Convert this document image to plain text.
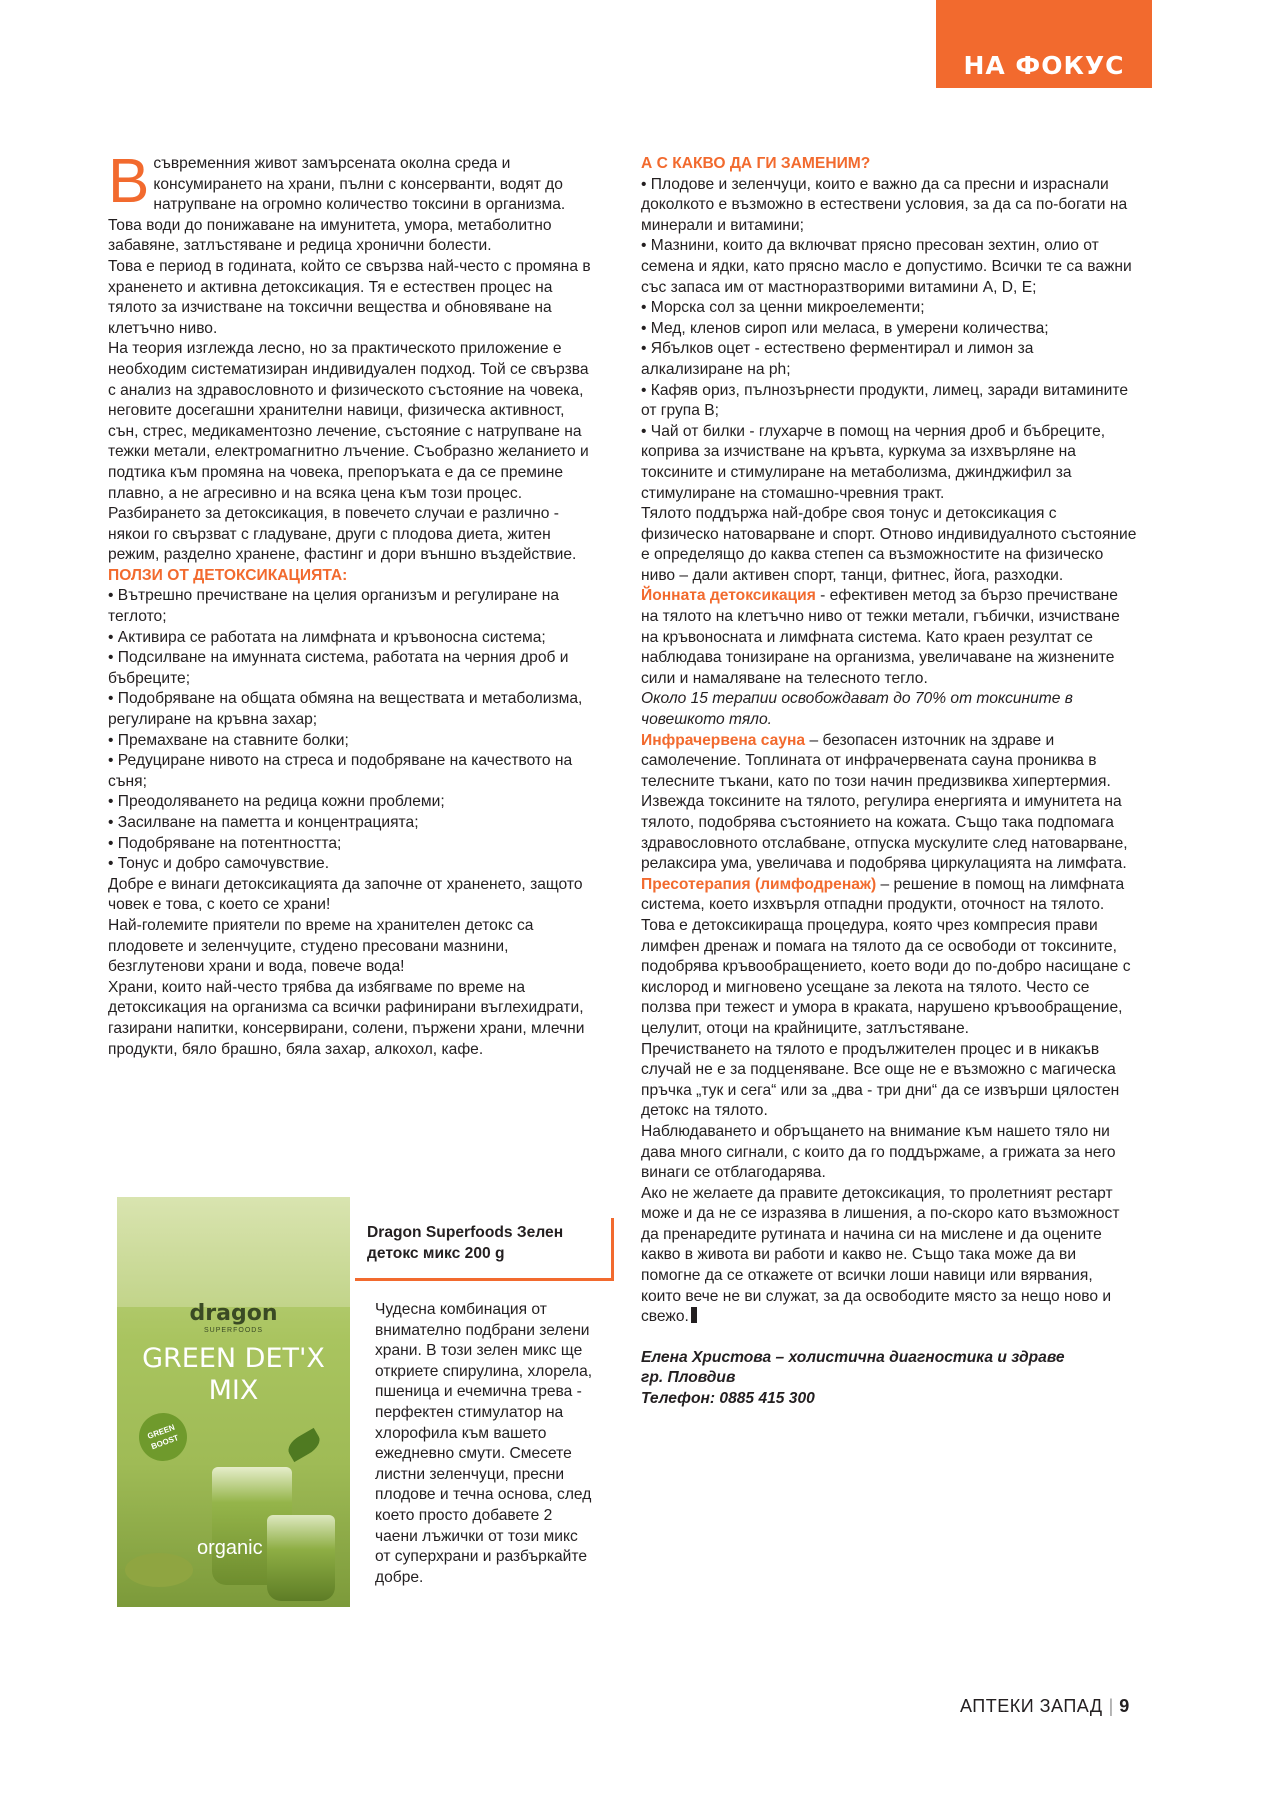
НА ФОКУС

Всъвременния живот замърсената околна среда и консумирането на храни, пълни с консерванти, водят до натрупване на огромно количество токсини в организма. Това води до понижаване на имунитета, умора, метаболитно забавяне, затлъстяване и редица хронични болести.

Това е период в годината, който се свързва най-често с промяна в храненето и активна детоксикация. Тя е естествен процес на тялото за изчистване на токсични вещества и обновяване на клетъчно ниво.

На теория изглежда лесно, но за практическото приложение е необходим систематизиран индивидуален подход. Той се свързва с анализ на здравословното и физическото състояние на човека, неговите досегашни хранителни навици, физическа активност, сън, стрес, медикаментозно лечение, състояние с натрупване на тежки метали, електромагнитно лъчение. Съобразно желанието и подтика към промяна на човека, препоръката е да се премине плавно, а не агресивно и на всяка цена към този процес.

Разбирането за детоксикация, в повечето случаи е различно - някои го свързват с гладуване, други с плодова диета, житен режим, разделно хранене, фастинг и дори външно въздействие.

ПОЛЗИ ОТ ДЕТОКСИКАЦИЯТА:

• Вътрешно пречистване на целия организъм и регулиране на теглото;
• Активира се работата на лимфната и кръвоносна система;
• Подсилване на имунната система, работата на черния дроб и бъбреците;
• Подобряване на общата обмяна на веществата и метаболизма, регулиране на кръвна захар;
• Премахване на ставните болки;
• Редуциране нивото на стреса и подобряване на качеството на съня;
• Преодоляването на редица кожни проблеми;
• Засилване на паметта и концентрацията;
• Подобряване на потентността;
• Тонус и добро самочувствие.

Добре е винаги детоксикацията да започне от храненето, защото човек е това, с което се храни!

Най-големите приятели по време на хранителен детокс са плодовете и зеленчуците, студено пресовани мазнини, безглутенови храни и вода, повече вода!

Храни, които най-често трябва да избягваме по време на детоксикация на организма са всички рафинирани въглехидрати, газирани напитки, консервирани, солени, пържени храни, млечни продукти, бяло брашно, бяла захар, алкохол, кафе.

dragon
SUPERFOODS
GREEN DET'X MIX
GREEN BOOST
organic
Dragon Superfoods Зелен детокс микс 200 g

Чудесна комбинация от внимателно подбрани зелени храни. В този зелен микс ще откриете спирулина, хлорела, пшеница и ечемична трева - перфектен стимулатор на хлорофила към вашето ежедневно смути. Смесете листни зеленчуци, пресни плодове и течна основа, след което просто добавете 2 чаени лъжички от този микс от суперхрани и разбъркайте добре.

А С КАКВО ДА ГИ ЗАМЕНИМ?

• Плодове и зеленчуци, които е важно да са пресни и израснали доколкото е възможно в естествени условия, за да са по-богати на минерали и витамини;
• Мазнини, които да включват прясно пресован зехтин, олио от семена и ядки, като прясно масло е допустимо. Всички те са важни със запаса им от мастноразтворими витамини А, D, E;
• Морска сол за ценни микроелементи;
• Мед, кленов сироп или меласа, в умерени количества;
• Ябълков оцет - естествено ферментирал и лимон за алкализиране на ph;
• Кафяв ориз, пълнозърнести продукти, лимец, заради витамините от група В;
• Чай от билки - глухарче в помощ на черния дроб и бъбреците, коприва за изчистване на кръвта, куркума за изхвърляне на токсините и стимулиране на метаболизма, джинджифил за стимулиране на стомашно-чревния тракт.

Тялото поддържа най-добре своя тонус и детоксикация с физическо натоварване и спорт. Отново индивидуалното състояние е определящо до каква степен са възможностите на физическо ниво – дали активен спорт, танци, фитнес, йога, разходки.

Йонната детоксикация - ефективен метод за бързо пречистване на тялото на клетъчно ниво от тежки метали, гъбички, изчистване на кръвоносната и лимфната система. Като краен резултат се наблюдава тонизиране на организма, увеличаване на жизнените сили и намаляване на телесното тегло.

Около 15 терапии освобождават до 70% от токсините в човешкото тяло.

Инфрачервена сауна – безопасен източник на здраве и самолечение. Топлината от инфрачервената сауна прониква в телесните тъкани, като по този начин предизвиква хипертермия. Извежда токсините на тялото, регулира енергията и имунитета на тялото, подобрява състоянието на кожата. Също така подпомага здравословното отслабване, отпуска мускулите след натоварване, релаксира ума, увеличава и подобрява циркулацията на лимфата.

Пресотерапия (лимфодренаж) – решение в помощ на лимфната система, което изхвърля отпадни продукти, оточност на тялото. Това е детоксикираща процедура, която чрез компресия прави лимфен дренаж и помага на тялото да се освободи от токсините, подобрява кръвообращението, което води до по-добро насищане с кислород и мигновено усещане за лекота на тялото. Често се ползва при тежест и умора в краката, нарушено кръвообращение, целулит, отоци на крайниците, затлъстяване.

Пречистването на тялото е продължителен процес и в никакъв случай не е за подценяване. Все още не е възможно с магическа пръчка „тук и сега“ или за „два - три дни“ да се извърши цялостен детокс на тялото.

Наблюдаването и обръщането на внимание към нашето тяло ни дава много сигнали, с които да го поддържаме, а грижата за него винаги се отблагодарява.

Ако не желаете да правите детоксикация, то пролетният рестарт може и да не се изразява в лишения, а по-скоро като възможност да пренаредите рутината и начина си на мислене и да оцените какво в живота ви работи и какво не. Също така може да ви помогне да се откажете от всички лоши навици или вярвания, които вече не ви служат, за да освободите място за нещо ново и свежо.

Елена Христова – холистична диагностика и здраве
гр. Пловдив
Телефон: 0885 415 300

АПТЕКИ ЗАПАД | 9
